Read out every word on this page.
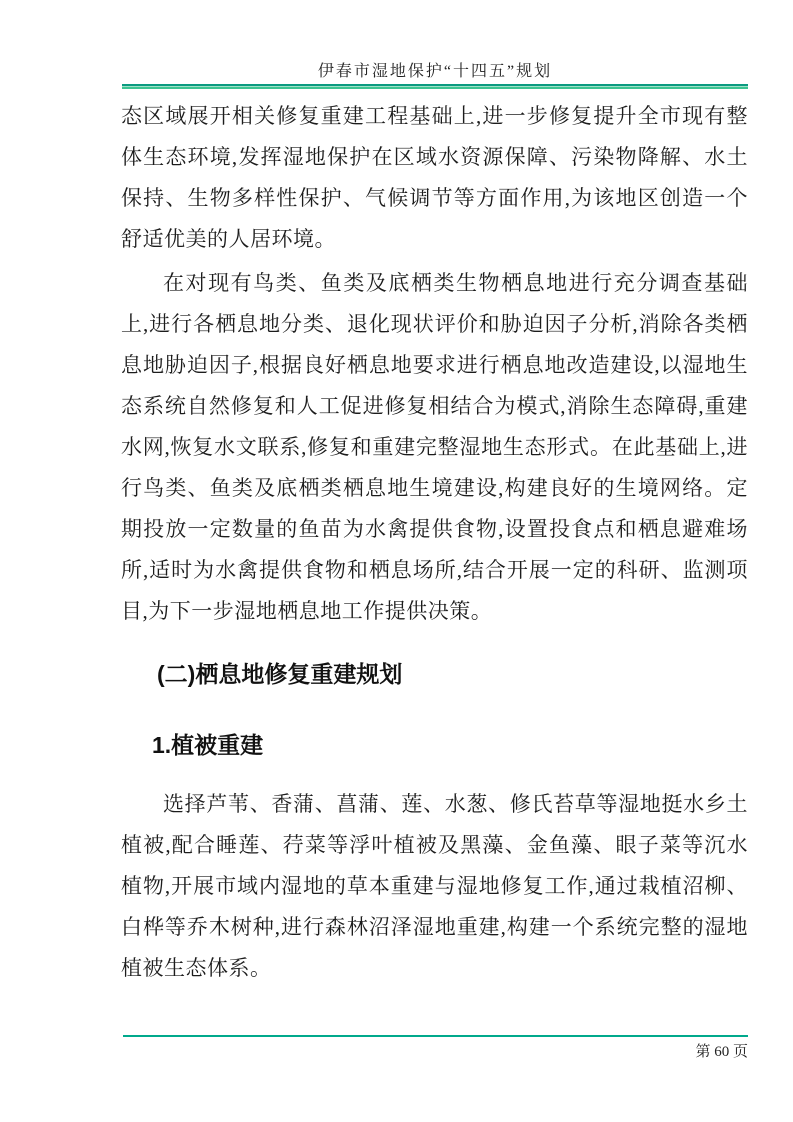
伊春市湿地保护“十四五”规划

态区域展开相关修复重建工程基础上,进一步修复提升全市现有整体生态环境,发挥湿地保护在区域水资源保障、污染物降解、水土保持、生物多样性保护、气候调节等方面作用,为该地区创造一个舒适优美的人居环境。

在对现有鸟类、鱼类及底栖类生物栖息地进行充分调查基础上,进行各栖息地分类、退化现状评价和胁迫因子分析,消除各类栖息地胁迫因子,根据良好栖息地要求进行栖息地改造建设,以湿地生态系统自然修复和人工促进修复相结合为模式,消除生态障碍,重建水网,恢复水文联系,修复和重建完整湿地生态形式。在此基础上,进行鸟类、鱼类及底栖类栖息地生境建设,构建良好的生境网络。定期投放一定数量的鱼苗为水禽提供食物,设置投食点和栖息避难场所,适时为水禽提供食物和栖息场所,结合开展一定的科研、监测项目,为下一步湿地栖息地工作提供决策。

(二)栖息地修复重建规划
1.植被重建

选择芦苇、香蒲、菖蒲、莲、水葱、修氏苔草等湿地挺水乡土植被,配合睡莲、荇菜等浮叶植被及黑藻、金鱼藻、眼子菜等沉水植物,开展市域内湿地的草本重建与湿地修复工作,通过栽植沼柳、白桦等乔木树种,进行森林沼泽湿地重建,构建一个系统完整的湿地植被生态体系。

第 60 页
